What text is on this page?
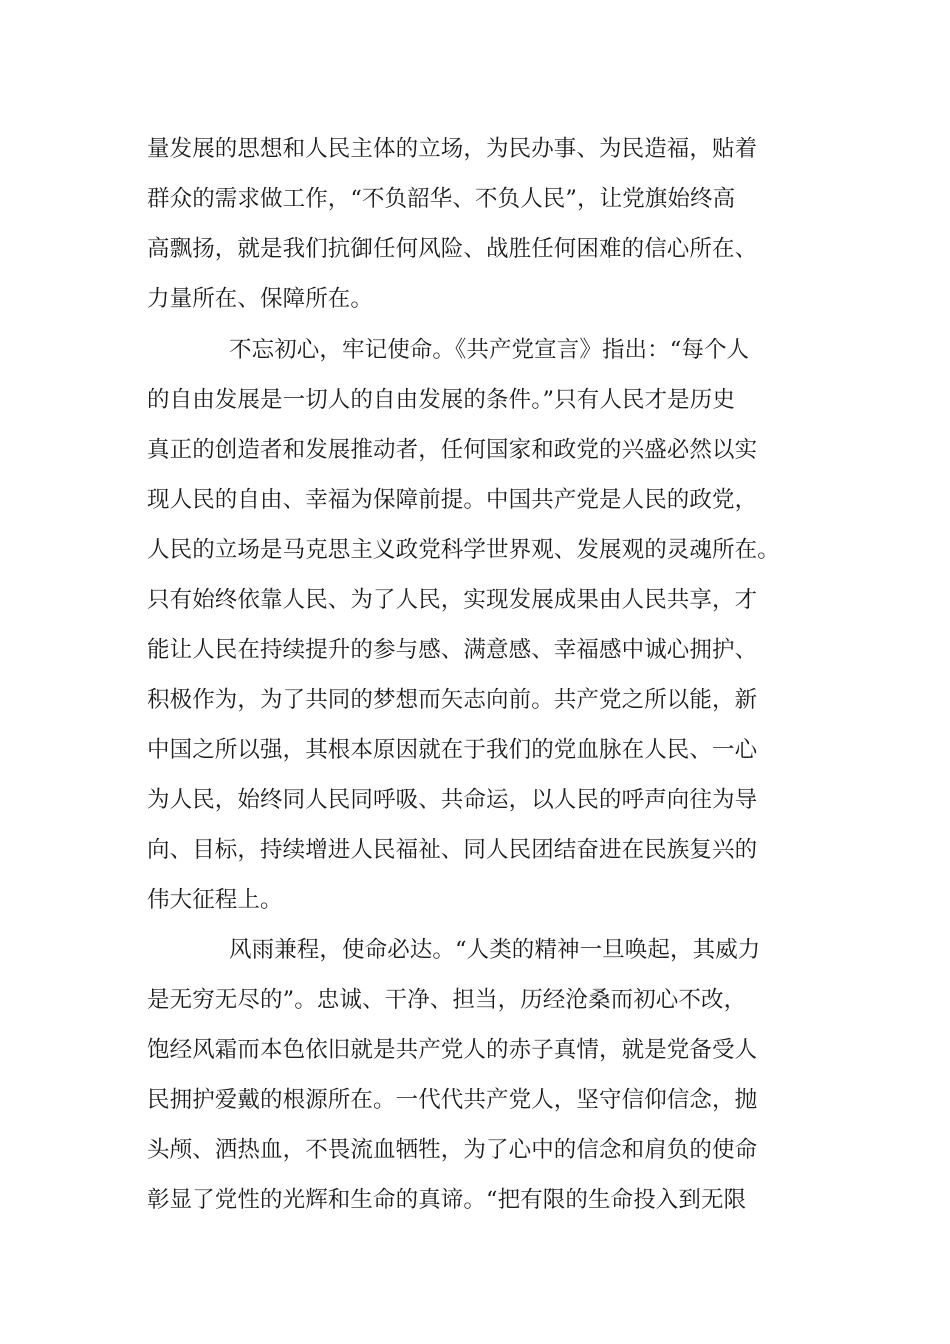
量发展的思想和人民主体的立场，为民办事、为民造福，贴着
群众的需求做工作，“不负韶华、不负人民”，让党旗始终高
高飘扬，就是我们抗御任何风险、战胜任何困难的信心所在、
力量所在、保障所在。
不忘初心，牢记使命。《共产党宣言》指出：“每个人
的自由发展是一切人的自由发展的条件。”只有人民才是历史
真正的创造者和发展推动者，任何国家和政党的兴盛必然以实
现人民的自由、幸福为保障前提。中国共产党是人民的政党，
人民的立场是马克思主义政党科学世界观、发展观的灵魂所在。
只有始终依靠人民、为了人民，实现发展成果由人民共享，才
能让人民在持续提升的参与感、满意感、幸福感中诚心拥护、
积极作为，为了共同的梦想而矢志向前。共产党之所以能，新
中国之所以强，其根本原因就在于我们的党血脉在人民、一心
为人民，始终同人民同呼吸、共命运，以人民的呼声向往为导
向、目标，持续增进人民福祉、同人民团结奋进在民族复兴的
伟大征程上。
风雨兼程，使命必达。“人类的精神一旦唤起，其威力
是无穷无尽的”。忠诚、干净、担当，历经沧桑而初心不改，
饱经风霜而本色依旧就是共产党人的赤子真情，就是党备受人
民拥护爱戴的根源所在。一代代共产党人，坚守信仰信念，抛
头颅、洒热血，不畏流血牺牲，为了心中的信念和肩负的使命
彰显了党性的光辉和生命的真谛。“把有限的生命投入到无限
